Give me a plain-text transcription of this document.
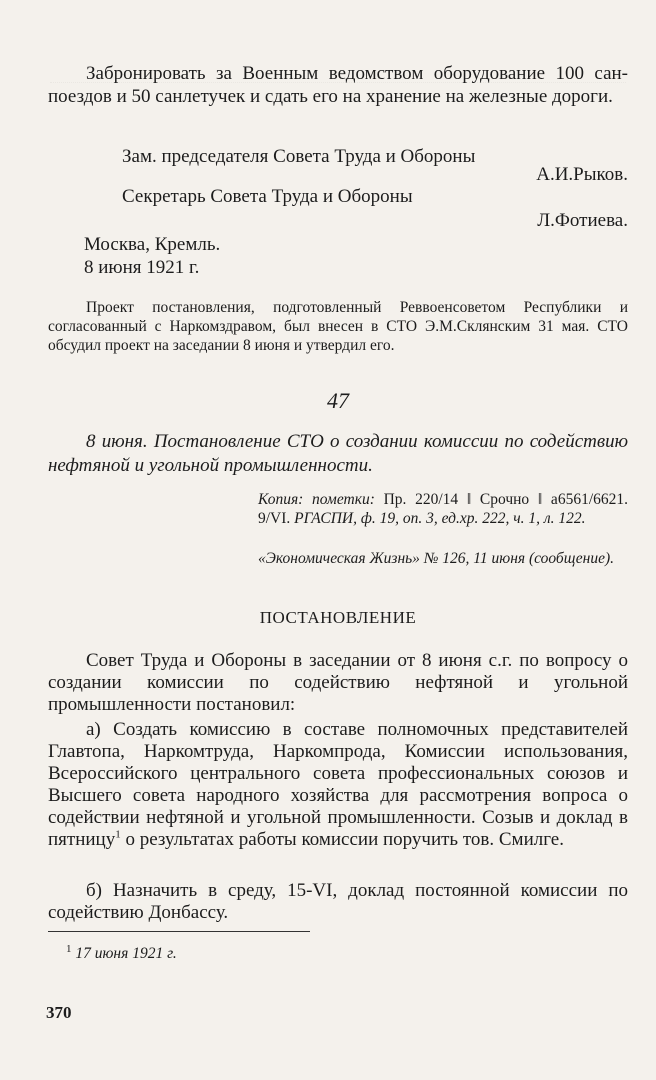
Забронировать за Военным ведомством оборудование 100 сан-поездов и 50 санлетучек и сдать его на хранение на железные дороги.

Зам. председателя Совета Труда и Обороны

А.И.Рыков.

Секретарь Совета Труда и Обороны

Л.Фотиева.

Москва, Кремль.

8 июня 1921 г.

Проект постановления, подготовленный Реввоенсоветом Республики и согласованный с Наркомздравом, был внесен в СТО Э.М.Склянским 31 мая. СТО обсудил проект на заседании 8 июня и утвердил его.

47

8 июня. Постановление СТО о создании комиссии по содействию нефтяной и угольной промышленности.

Копия: пометки: Пр. 220/14 ‖ Срочно ‖ а6561/6621. 9/VI. РГАСПИ, ф. 19, оп. 3, ед.хр. 222, ч. 1, л. 122.

«Экономическая Жизнь» № 126, 11 июня (сообщение).

ПОСТАНОВЛЕНИЕ

Совет Труда и Обороны в заседании от 8 июня с.г. по вопросу о создании комиссии по содействию нефтяной и угольной промышленности постановил:

а) Создать комиссию в составе полномочных представителей Главтопа, Наркомтруда, Наркомпрода, Комиссии использования, Всероссийского центрального совета профессиональных союзов и Высшего совета народного хозяйства для рассмотрения вопроса о содействии нефтяной и угольной промышленности. Созыв и доклад в пятницу$^1$ о результатах работы комиссии поручить тов. Смилге.

б) Назначить в среду, 15-VI, доклад постоянной комиссии по содействию Донбассу.

$^1$ 17 июня 1921 г.

370
